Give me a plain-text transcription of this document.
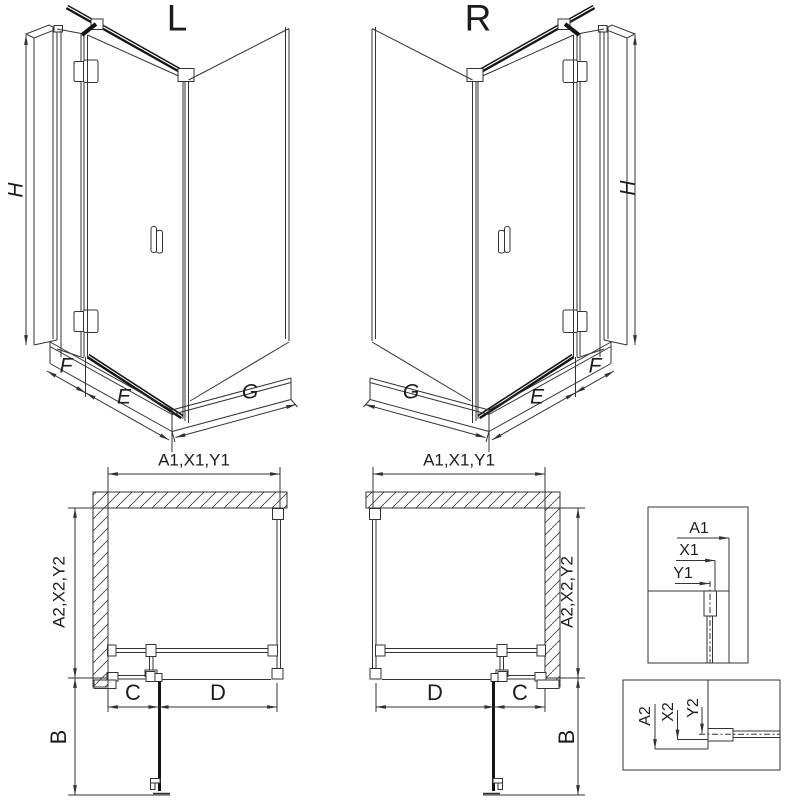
L	R
H	H
F
E	G
F
E
G
A1,X1,Y1	A1,X1,Y1
A2,X2,Y2	A2,X2,Y2
C	D
B
D	C
B
A1
X1
Y1
A2 X2 Y2
